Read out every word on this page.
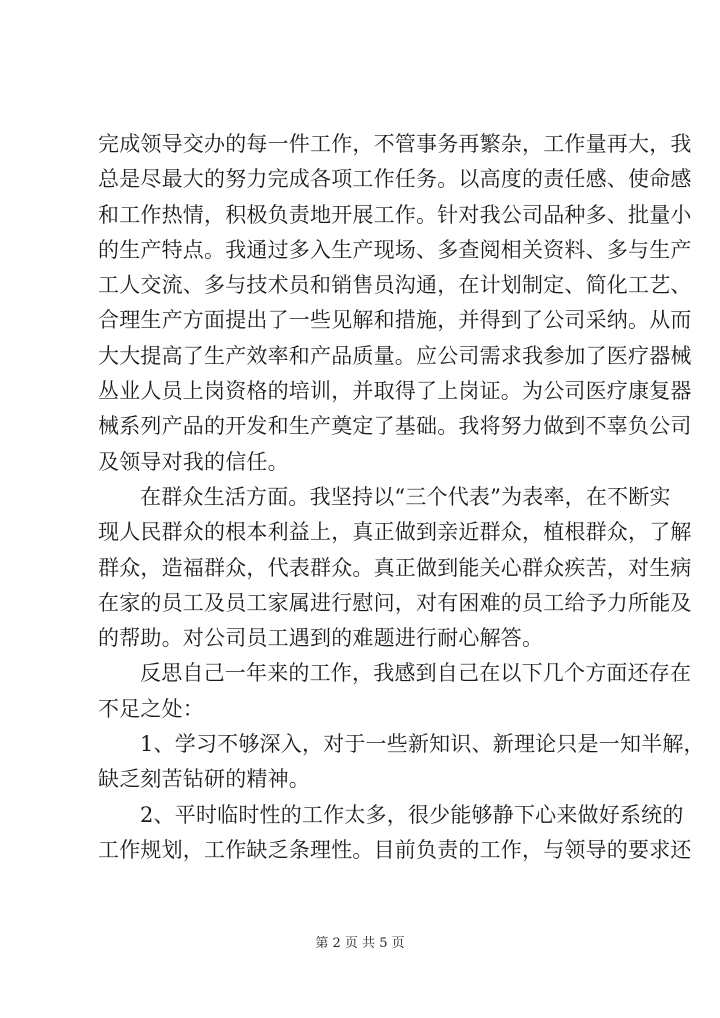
完成领导交办的每一件工作，不管事务再繁杂，工作量再大，我
总是尽最大的努力完成各项工作任务。以高度的责任感、使命感
和工作热情，积极负责地开展工作。针对我公司品种多、批量小
的生产特点。我通过多入生产现场、多查阅相关资料、多与生产
工人交流、多与技术员和销售员沟通，在计划制定、简化工艺、
合理生产方面提出了一些见解和措施，并得到了公司采纳。从而
大大提高了生产效率和产品质量。应公司需求我参加了医疗器械
丛业人员上岗资格的培训，并取得了上岗证。为公司医疗康复器
械系列产品的开发和生产奠定了基础。我将努力做到不辜负公司
及领导对我的信任。
在群众生活方面。我坚持以“三个代表”为表率，在不断实
现人民群众的根本利益上，真正做到亲近群众，植根群众，了解
群众，造福群众，代表群众。真正做到能关心群众疾苦，对生病
在家的员工及员工家属进行慰问，对有困难的员工给予力所能及
的帮助。对公司员工遇到的难题进行耐心解答。
反思自己一年来的工作，我感到自己在以下几个方面还存在
不足之处：
1、学习不够深入，对于一些新知识、新理论只是一知半解，
缺乏刻苦钻研的精神。
2、平时临时性的工作太多，很少能够静下心来做好系统的
工作规划，工作缺乏条理性。目前负责的工作，与领导的要求还
第 2 页 共 5 页
